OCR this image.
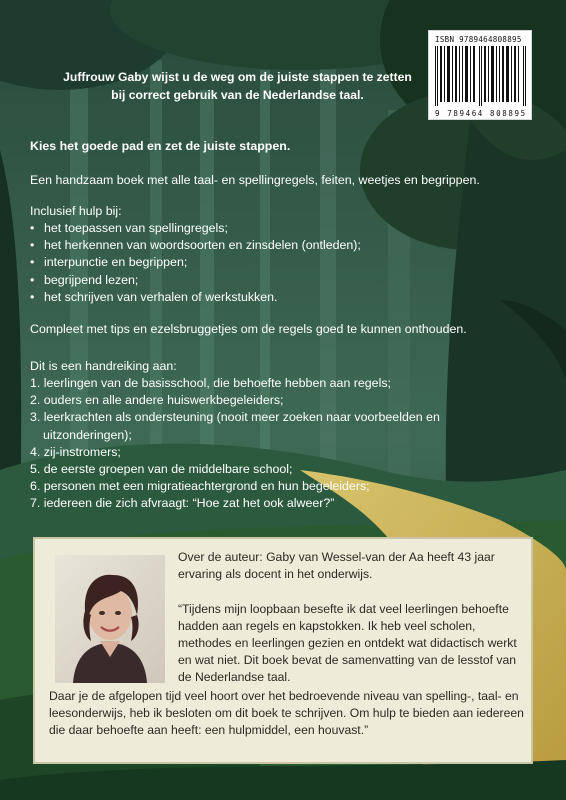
Juffrouw Gaby wijst u de weg om de juiste stappen te zetten
bij correct gebruik van de Nederlandse taal.
ISBN 9789464808895
9 789464 808895
Kies het goede pad en zet de juiste stappen.
Een handzaam boek met alle taal- en spellingregels, feiten, weetjes en begrippen.
Inclusief hulp bij:
• het toepassen van spellingregels;
• het herkennen van woordsoorten en zinsdelen (ontleden);
• interpunctie en begrippen;
• begrijpend lezen;
• het schrijven van verhalen of werkstukken.
Compleet met tips en ezelsbruggetjes om de regels goed te kunnen onthouden.
Dit is een handreiking aan:
1. leerlingen van de basisschool, die behoefte hebben aan regels;
2. ouders en alle andere huiswerkbegeleiders;
3. leerkrachten als ondersteuning (nooit meer zoeken naar voorbeelden en
uitzonderingen);
4. zij-instromers;
5. de eerste groepen van de middelbare school;
6. personen met een migratieachtergrond en hun begeleiders;
7. iedereen die zich afvraagt: “Hoe zat het ook alweer?”
Over de auteur: Gaby van Wessel-van der Aa heeft 43 jaar ervaring als docent in het onderwijs.
“Tijdens mijn loopbaan besefte ik dat veel leerlingen behoefte hadden aan regels en kapstokken. Ik heb veel scholen, methodes en leerlingen gezien en ontdekt wat didactisch werkt en wat niet. Dit boek bevat de samenvatting van de lesstof van de Nederlandse taal.
Daar je de afgelopen tijd veel hoort over het bedroevende niveau van spelling-, taal- en leesonderwijs, heb ik besloten om dit boek te schrijven. Om hulp te bieden aan iedereen die daar behoefte aan heeft: een hulpmiddel, een houvast.”
